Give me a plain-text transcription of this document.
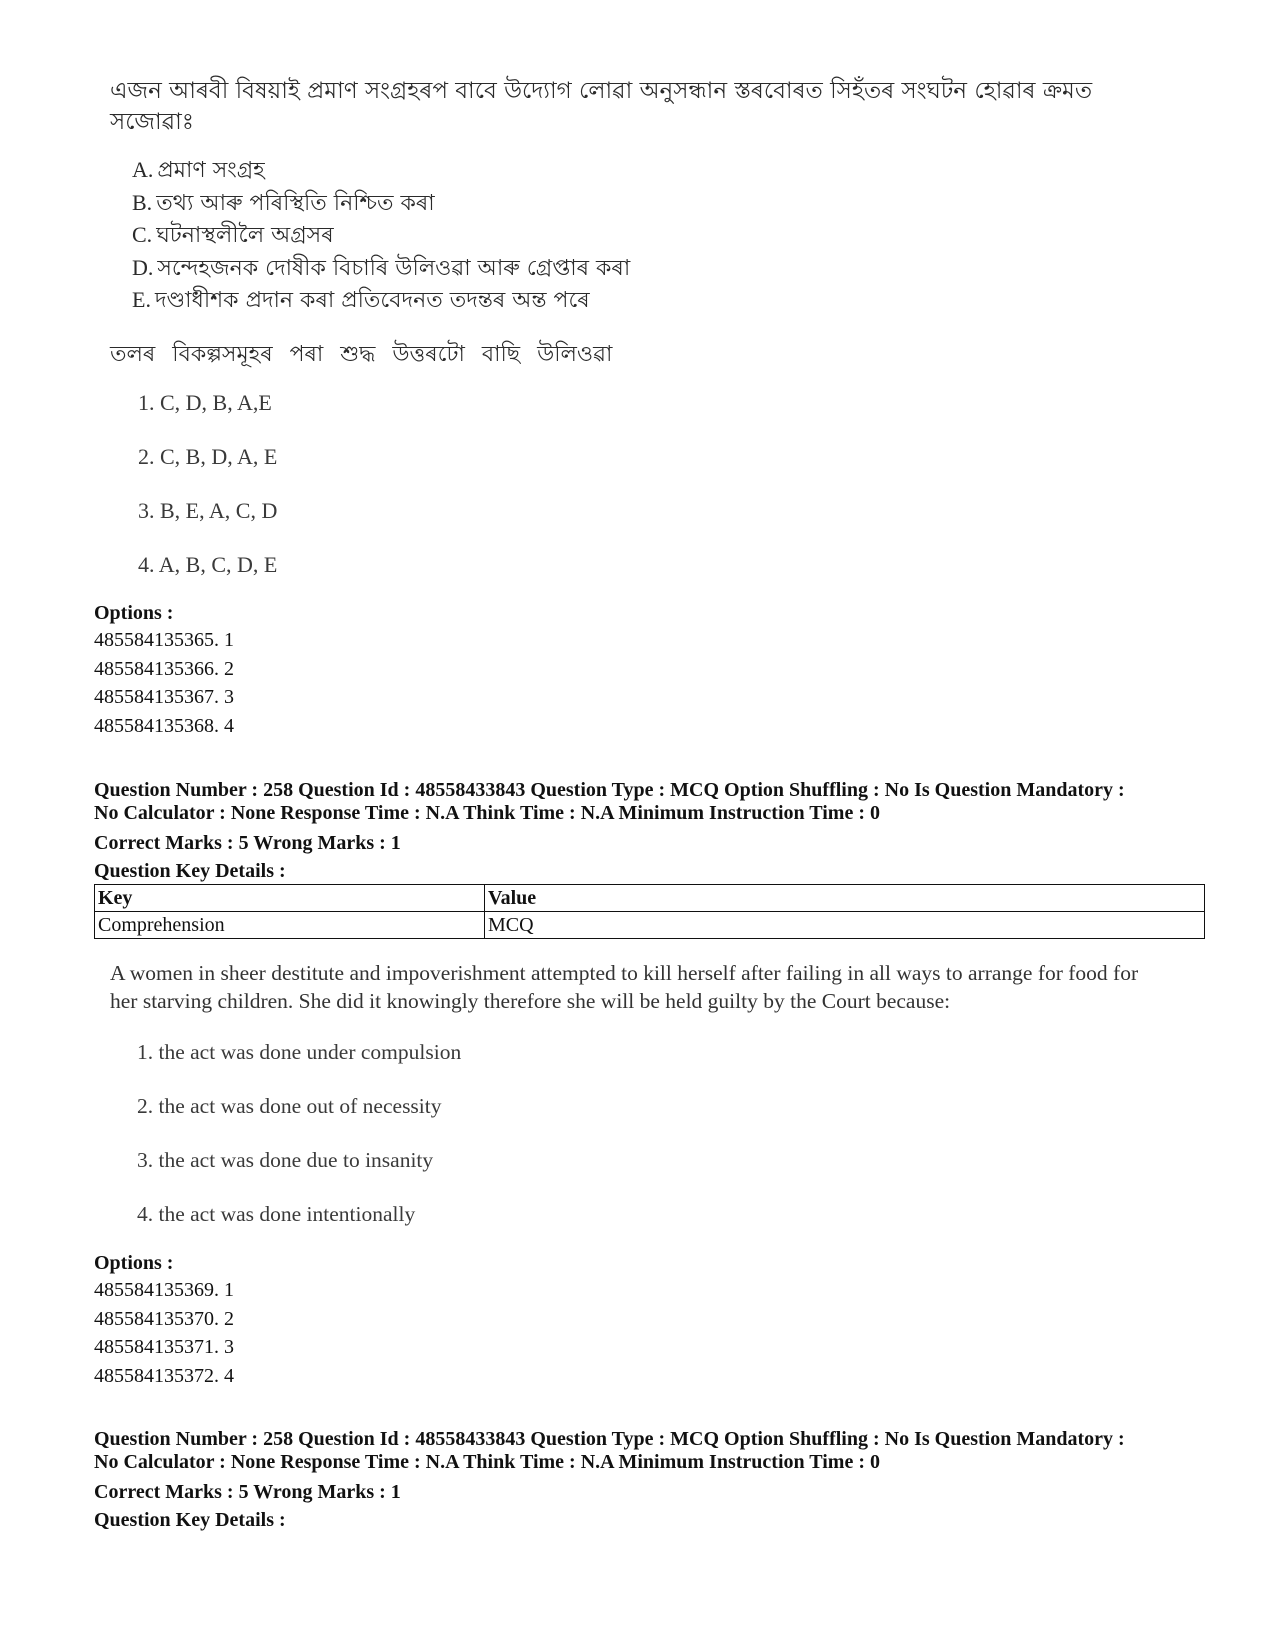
এজন আৰবী বিষয়াই প্ৰমাণ সংগ্ৰহৰপ বাবে উদ্যোগ লোৱা অনুসন্ধান স্তৰবোৰত সিহঁতৰ সংঘটন হোৱাৰ ক্ৰমত সজোৱাঃ

A. প্ৰমাণ সংগ্ৰহ
B. তথ্য আৰু পৰিস্থিতি নিশ্চিত কৰা
C. ঘটনাস্থলীলৈ অগ্ৰসৰ
D. সন্দেহজনক দোষীক বিচাৰি উলিওৱা আৰু গ্ৰেপ্তাৰ কৰা
E. দণ্ডাধীশক প্ৰদান কৰা প্ৰতিবেদনত তদন্তৰ অন্ত পৰে

তলৰ বিকল্পসমূহৰ পৰা শুদ্ধ উত্তৰটো বাছি উলিওৱা

1. C, D, B, A,E
2. C, B, D, A, E
3. B, E, A, C, D
4. A, B, C, D, E

Options :

485584135365. 1
485584135366. 2
485584135367. 3
485584135368. 4

Question Number : 258 Question Id : 48558433843 Question Type : MCQ Option Shuffling : No Is Question Mandatory :

No Calculator : None Response Time : N.A Think Time : N.A Minimum Instruction Time : 0

Correct Marks : 5 Wrong Marks : 1

Question Key Details :

Key	Value
Comprehension	MCQ

A women in sheer destitute and impoverishment attempted to kill herself after failing in all ways to arrange for food for her starving children. She did it knowingly therefore she will be held guilty by the Court because:

1. the act was done under compulsion
2. the act was done out of necessity
3. the act was done due to insanity
4. the act was done intentionally

Options :

485584135369. 1
485584135370. 2
485584135371. 3
485584135372. 4

Question Number : 258 Question Id : 48558433843 Question Type : MCQ Option Shuffling : No Is Question Mandatory :

No Calculator : None Response Time : N.A Think Time : N.A Minimum Instruction Time : 0

Correct Marks : 5 Wrong Marks : 1

Question Key Details :
